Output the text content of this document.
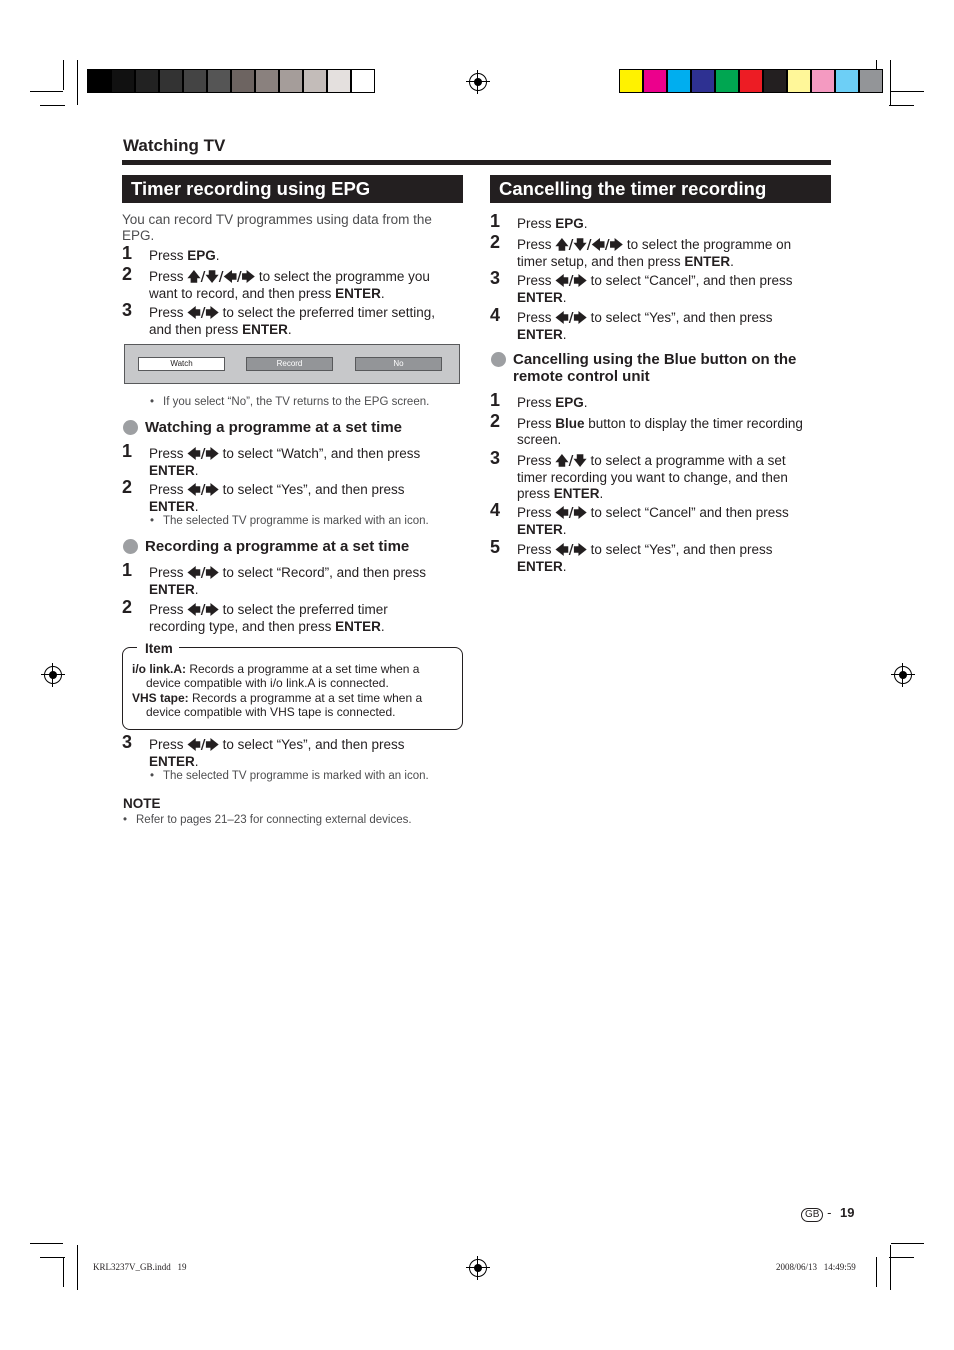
Watching TV
Timer recording using EPG
You can record TV programmes using data from the EPG.
1 Press EPG.
2 Press 🡅/🡇/🡄/🡆 to select the programme you
want to record, and then press ENTER.
3 Press 🡄/🡆 to select the preferred timer setting,
and then press ENTER.
Watch	Record	No
• If you select “No”, the TV returns to the EPG screen.
Watching a programme at a set time
1 Press 🡄/🡆 to select “Watch”, and then press
ENTER.
2 Press 🡄/🡆 to select “Yes”, and then press
ENTER.
• The selected TV programme is marked with an icon.
Recording a programme at a set time
1 Press 🡄/🡆 to select “Record”, and then press
ENTER.
2 Press 🡄/🡆 to select the preferred timer
recording type, and then press ENTER.
Item
i/o link.A: Records a programme at a set time when a
device compatible with i/o link.A is connected.
VHS tape: Records a programme at a set time when a
device compatible with VHS tape is connected.
3 Press 🡄/🡆 to select “Yes”, and then press
ENTER.
• The selected TV programme is marked with an icon.
NOTE
• Refer to pages 21–23 for connecting external devices.
Cancelling the timer recording
1 Press EPG.
2 Press 🡅/🡇/🡄/🡆 to select the programme on
timer setup, and then press ENTER.
3 Press 🡄/🡆 to select “Cancel”, and then press
ENTER.
4 Press 🡄/🡆 to select “Yes”, and then press
ENTER.
Cancelling using the Blue button on the
remote control unit
1 Press EPG.
2 Press Blue button to display the timer recording
screen.
3 Press 🡅/🡇 to select a programme with a set
timer recording you want to change, and then
press ENTER.
4 Press 🡄/🡆 to select “Cancel” and then press
ENTER.
5 Press 🡄/🡆 to select “Yes”, and then press
ENTER.
GB - 19
KRL3237V_GB.indd   19	2008/06/13   14:49:59
